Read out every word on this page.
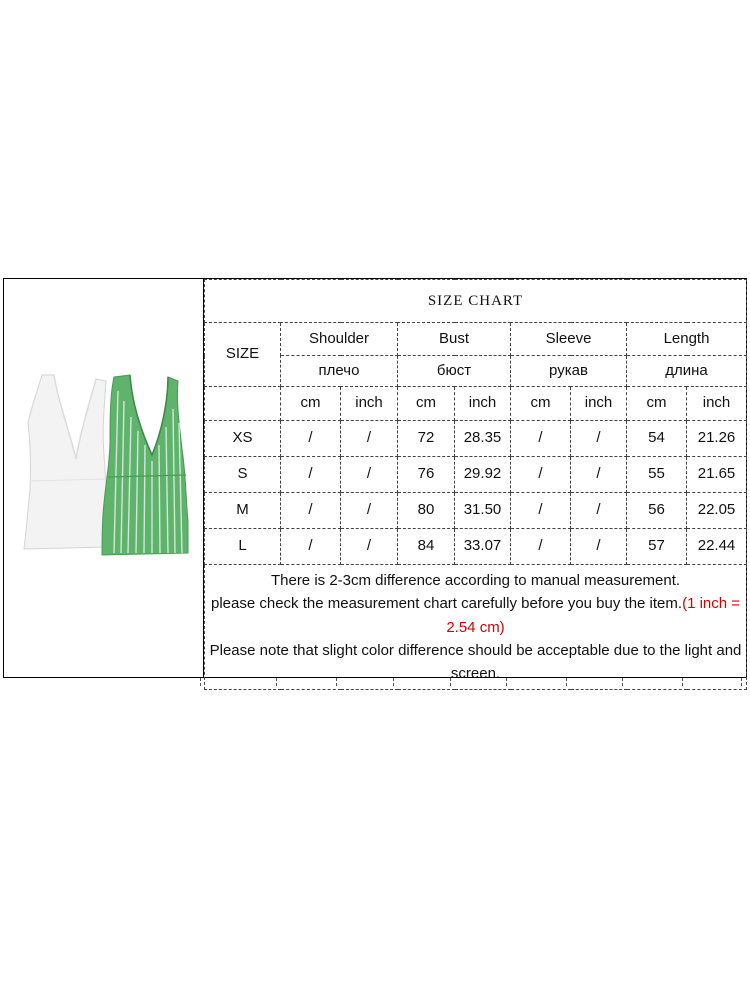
SIZE CHART								
SIZE	Shoulder		Bust		Sleeve		Length	
	плечо		бюст		рукав		длина	
	cm	inch	cm	inch	cm	inch	cm	inch
XS	/	/	72	28.35	/	/	54	21.26
S	/	/	76	29.92	/	/	55	21.65
M	/	/	80	31.50	/	/	56	22.05
L	/	/	84	33.07	/	/	57	22.44

There is 2-3cm difference according to manual measurement.
please check the measurement chart carefully before you buy the item.(1 inch = 2.54 cm)
Please note that slight color difference should be acceptable due to the light and screen.								
